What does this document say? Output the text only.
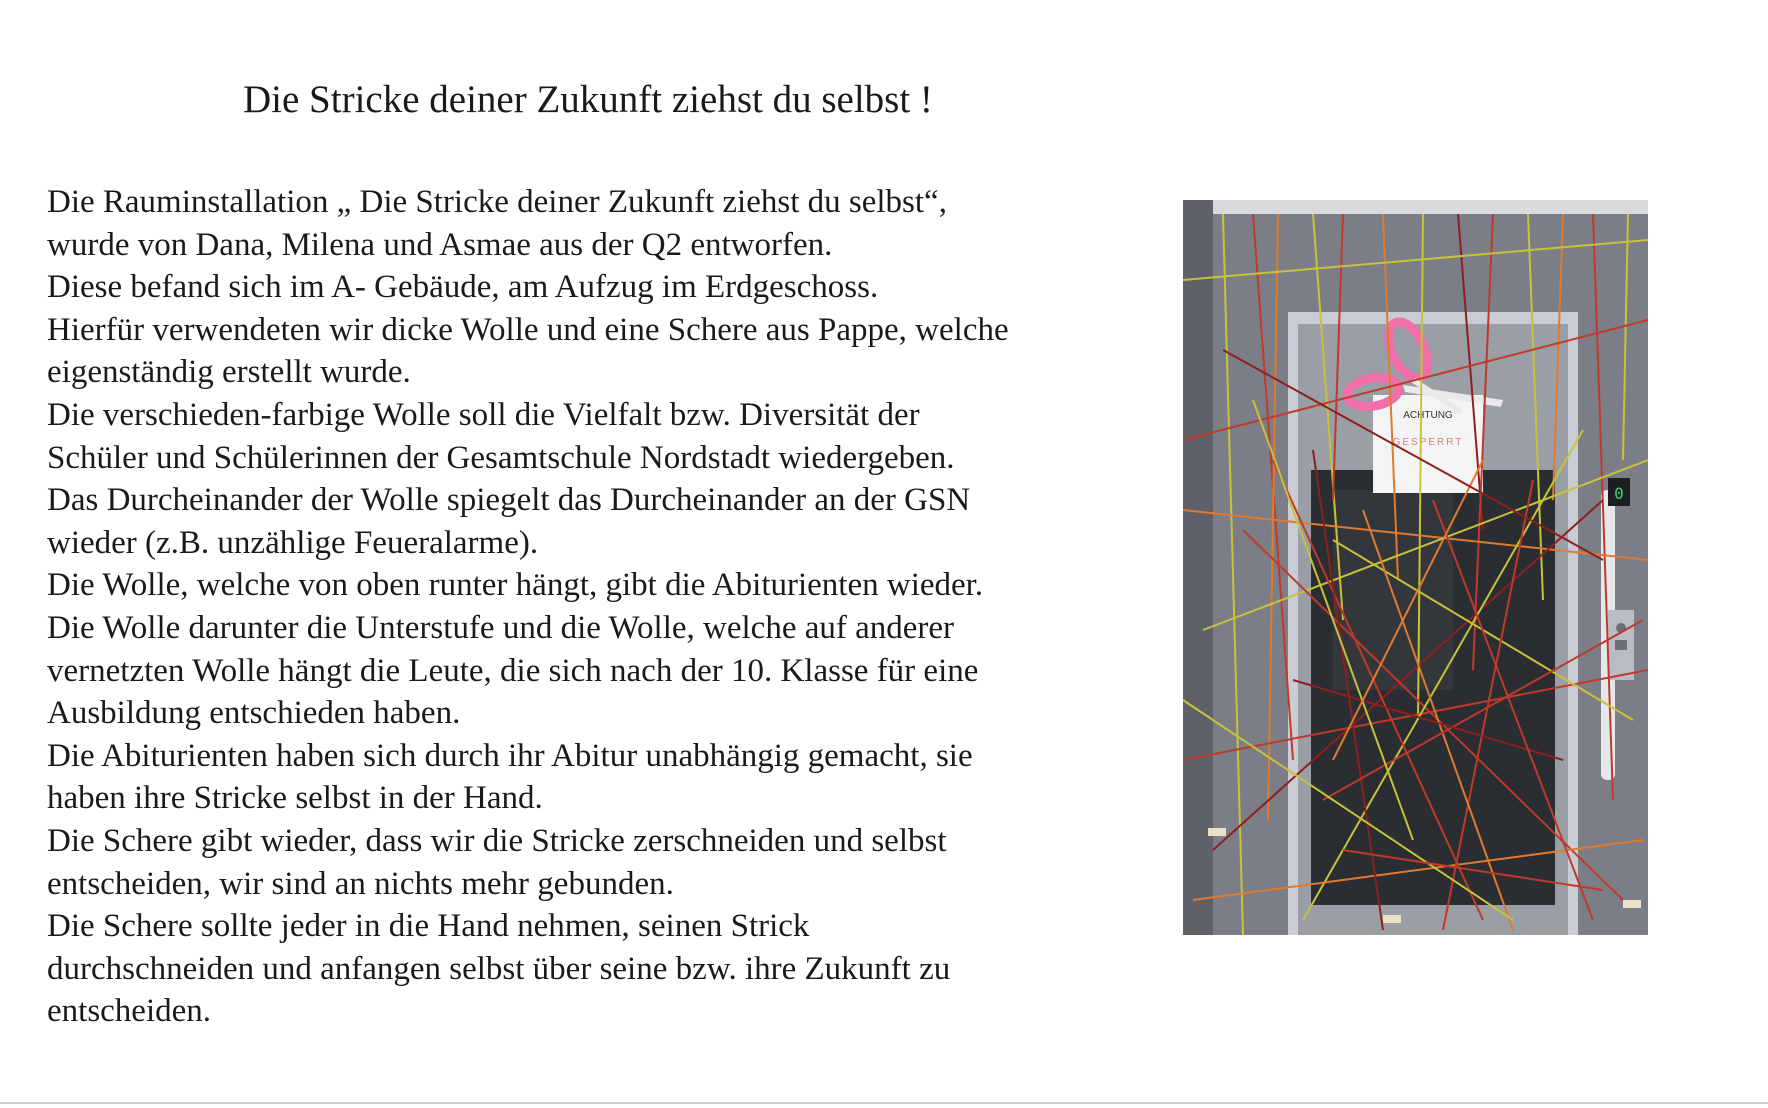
Die Stricke deiner Zukunft ziehst du selbst !
Die Rauminstallation „ Die Stricke deiner Zukunft ziehst du selbst“,
wurde von Dana, Milena und Asmae aus der Q2 entworfen.
Diese befand sich im A- Gebäude, am Aufzug im Erdgeschoss.
Hierfür verwendeten wir dicke Wolle und eine Schere aus Pappe, welche
eigenständig erstellt wurde.
Die verschieden-farbige Wolle soll die Vielfalt bzw. Diversität der
Schüler und Schülerinnen der Gesamtschule Nordstadt wiedergeben.
Das Durcheinander der Wolle spiegelt das Durcheinander an der GSN
wieder (z.B. unzählige Feueralarme).
Die Wolle, welche von oben runter hängt, gibt die Abiturienten wieder.
Die Wolle darunter die Unterstufe und die Wolle, welche auf anderer
vernetzten Wolle hängt die Leute, die sich nach der 10. Klasse für eine
Ausbildung entschieden haben.
Die Abiturienten haben sich durch ihr Abitur unabhängig gemacht, sie
haben ihre Stricke selbst in der Hand.
Die Schere gibt wieder, dass wir die Stricke zerschneiden und selbst
entscheiden, wir sind an nichts mehr gebunden.
Die Schere sollte jeder in die Hand nehmen, seinen Strick
durchschneiden und anfangen selbst über seine bzw. ihre Zukunft zu
entscheiden.
0
ACHTUNG
GESPERRT
